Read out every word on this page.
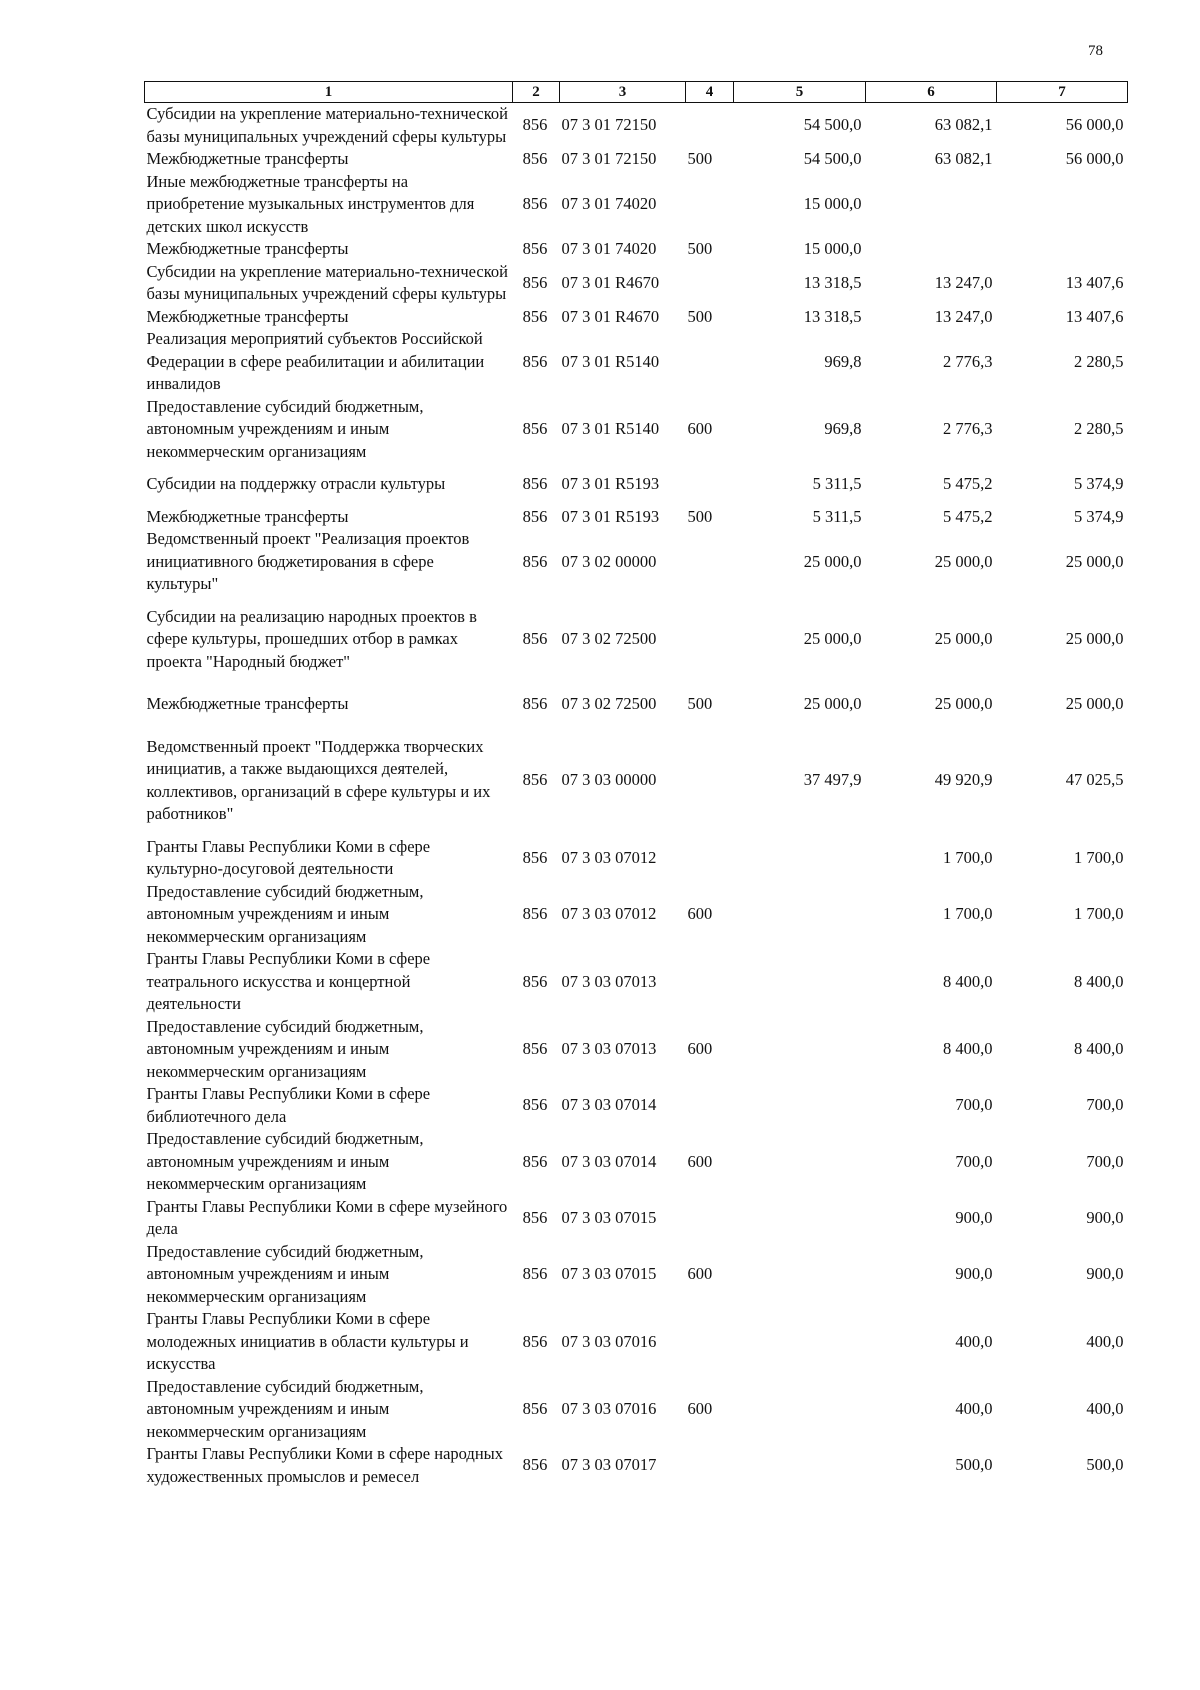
78
1	2	3	4	5	6	7
Субсидии на укрепление материально-технической базы муниципальных учреждений сферы культуры	856	07 3 01 72150		54 500,0	63 082,1	56 000,0
Межбюджетные трансферты	856	07 3 01 72150	500	54 500,0	63 082,1	56 000,0
Иные межбюджетные трансферты на приобретение музыкальных инструментов для детских школ искусств	856	07 3 01 74020		15 000,0		
Межбюджетные трансферты	856	07 3 01 74020	500	15 000,0		
Субсидии на укрепление материально-технической базы муниципальных учреждений сферы культуры	856	07 3 01 R4670		13 318,5	13 247,0	13 407,6
Межбюджетные трансферты	856	07 3 01 R4670	500	13 318,5	13 247,0	13 407,6
Реализация мероприятий субъектов Российской Федерации в сфере реабилитации и абилитации инвалидов	856	07 3 01 R5140		969,8	2 776,3	2 280,5
Предоставление субсидий бюджетным, автономным учреждениям и иным некоммерческим организациям	856	07 3 01 R5140	600	969,8	2 776,3	2 280,5
Субсидии на поддержку отрасли культуры	856	07 3 01 R5193		5 311,5	5 475,2	5 374,9
Межбюджетные трансферты	856	07 3 01 R5193	500	5 311,5	5 475,2	5 374,9
Ведомственный проект "Реализация проектов инициативного бюджетирования в сфере культуры"	856	07 3 02 00000		25 000,0	25 000,0	25 000,0
Субсидии на реализацию народных проектов в сфере культуры, прошедших отбор в рамках проекта "Народный бюджет"	856	07 3 02 72500		25 000,0	25 000,0	25 000,0
Межбюджетные трансферты	856	07 3 02 72500	500	25 000,0	25 000,0	25 000,0
Ведомственный проект "Поддержка творческих инициатив, а также выдающихся деятелей, коллективов, организаций в сфере культуры и их работников"	856	07 3 03 00000		37 497,9	49 920,9	47 025,5
Гранты Главы Республики Коми в сфере культурно-досуговой деятельности	856	07 3 03 07012			1 700,0	1 700,0
Предоставление субсидий бюджетным, автономным учреждениям и иным некоммерческим организациям	856	07 3 03 07012	600		1 700,0	1 700,0
Гранты Главы Республики Коми в сфере театрального искусства и концертной деятельности	856	07 3 03 07013			8 400,0	8 400,0
Предоставление субсидий бюджетным, автономным учреждениям и иным некоммерческим организациям	856	07 3 03 07013	600		8 400,0	8 400,0
Гранты Главы Республики Коми в сфере библиотечного дела	856	07 3 03 07014			700,0	700,0
Предоставление субсидий бюджетным, автономным учреждениям и иным некоммерческим организациям	856	07 3 03 07014	600		700,0	700,0
Гранты Главы Республики Коми в сфере музейного дела	856	07 3 03 07015			900,0	900,0
Предоставление субсидий бюджетным, автономным учреждениям и иным некоммерческим организациям	856	07 3 03 07015	600		900,0	900,0
Гранты Главы Республики Коми в сфере молодежных инициатив в области культуры и искусства	856	07 3 03 07016			400,0	400,0
Предоставление субсидий бюджетным, автономным учреждениям и иным некоммерческим организациям	856	07 3 03 07016	600		400,0	400,0
Гранты Главы Республики Коми в сфере народных художественных промыслов и ремесел	856	07 3 03 07017			500,0	500,0
